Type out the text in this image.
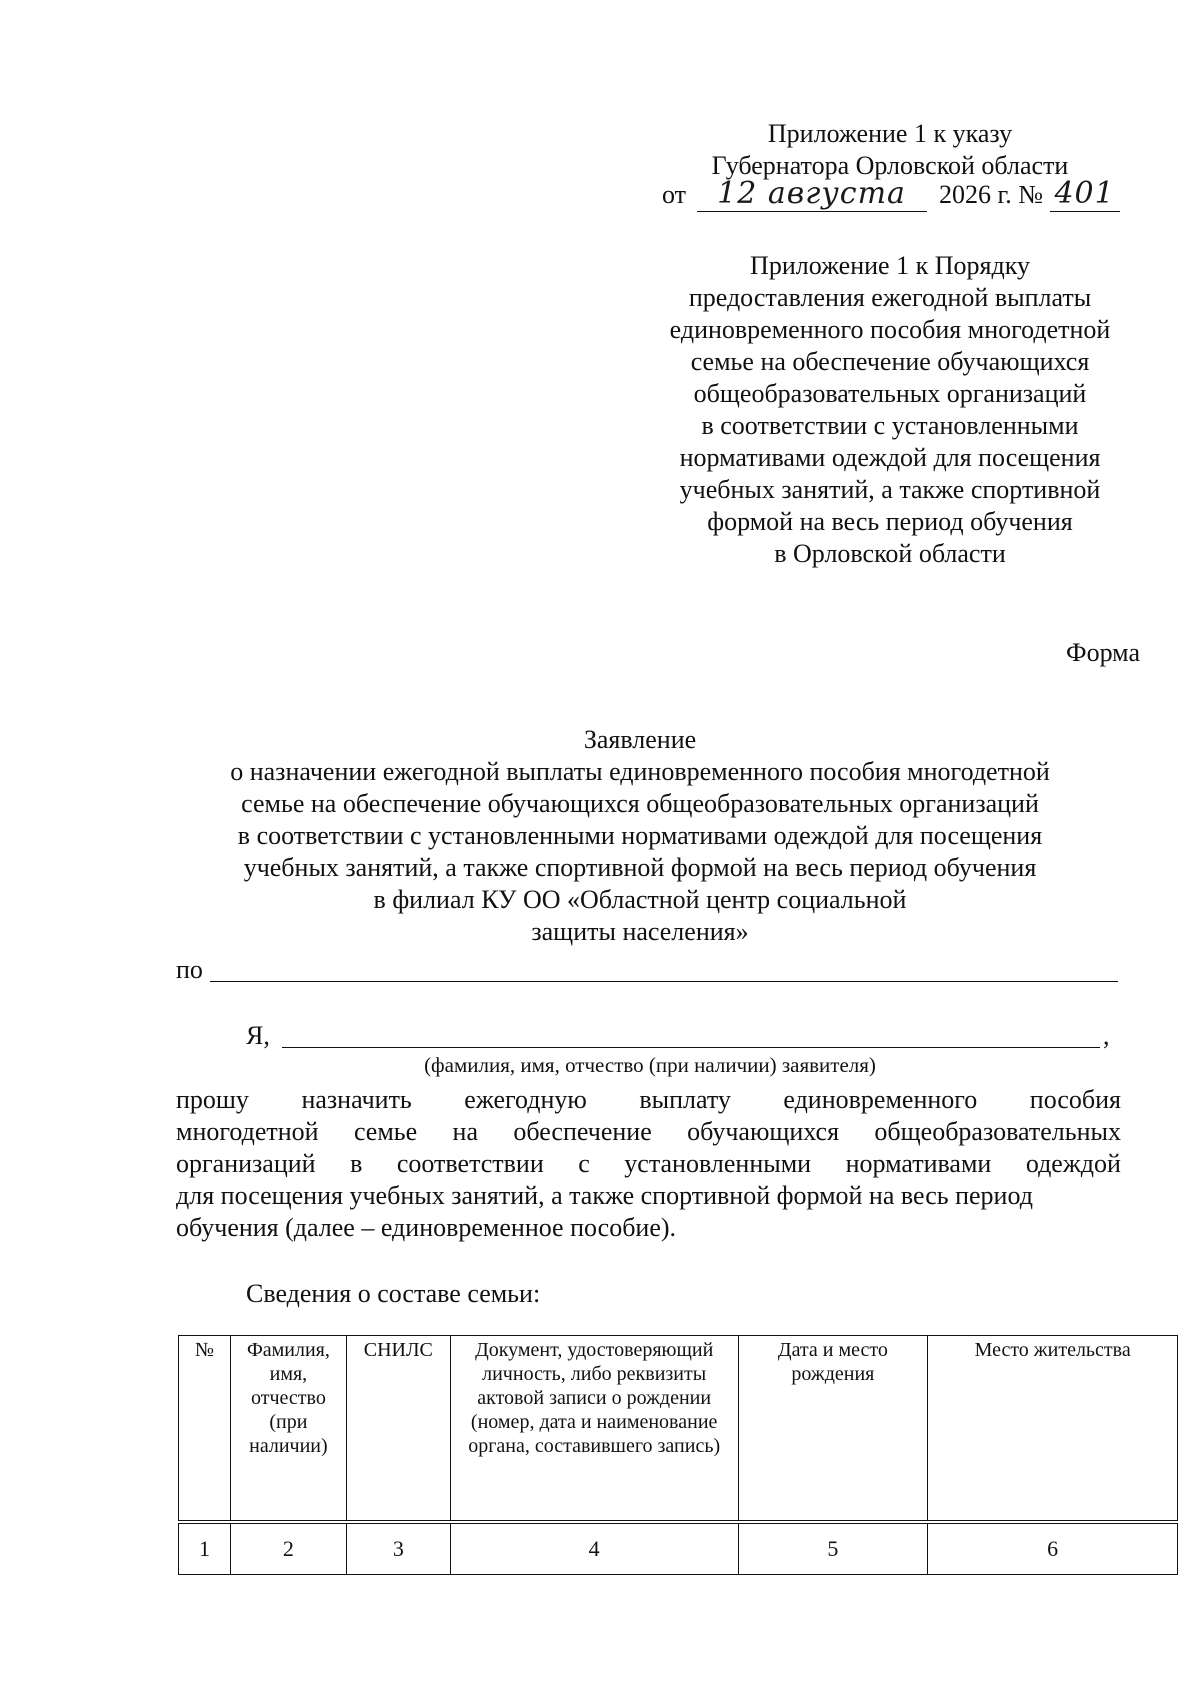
Приложение 1 к указу
Губернатора Орловской области
от 12 августа 2026 г. № 401
Приложение 1 к Порядку
предоставления ежегодной выплаты
единовременного пособия многодетной
семье на обеспечение обучающихся
общеобразовательных организаций
в соответствии с установленными
нормативами одеждой для посещения
учебных занятий, а также спортивной
формой на весь период обучения
в Орловской области
Форма
Заявление
о назначении ежегодной выплаты единовременного пособия многодетной
семье на обеспечение обучающихся общеобразовательных организаций
в соответствии с установленными нормативами одеждой для посещения
учебных занятий, а также спортивной формой на весь период обучения
в филиал КУ ОО «Областной центр социальной
защиты населения»
по
Я,	,
(фамилия, имя, отчество (при наличии) заявителя)
прошу назначить ежегодную выплату единовременного пособия
многодетной семье на обеспечение обучающихся общеобразовательных
организаций в соответствии с установленными нормативами одеждой
для посещения учебных занятий, а также спортивной формой на весь период
обучения (далее – единовременное пособие).
Сведения о составе семьи:
№	Фамилия, имя, отчество (при наличии)	СНИЛС	Документ, удостоверяющий личность, либо реквизиты актовой записи о рождении (номер, дата и наименование органа, составившего запись)	Дата и место рождения	Место жительства
1	2	3	4	5	6
